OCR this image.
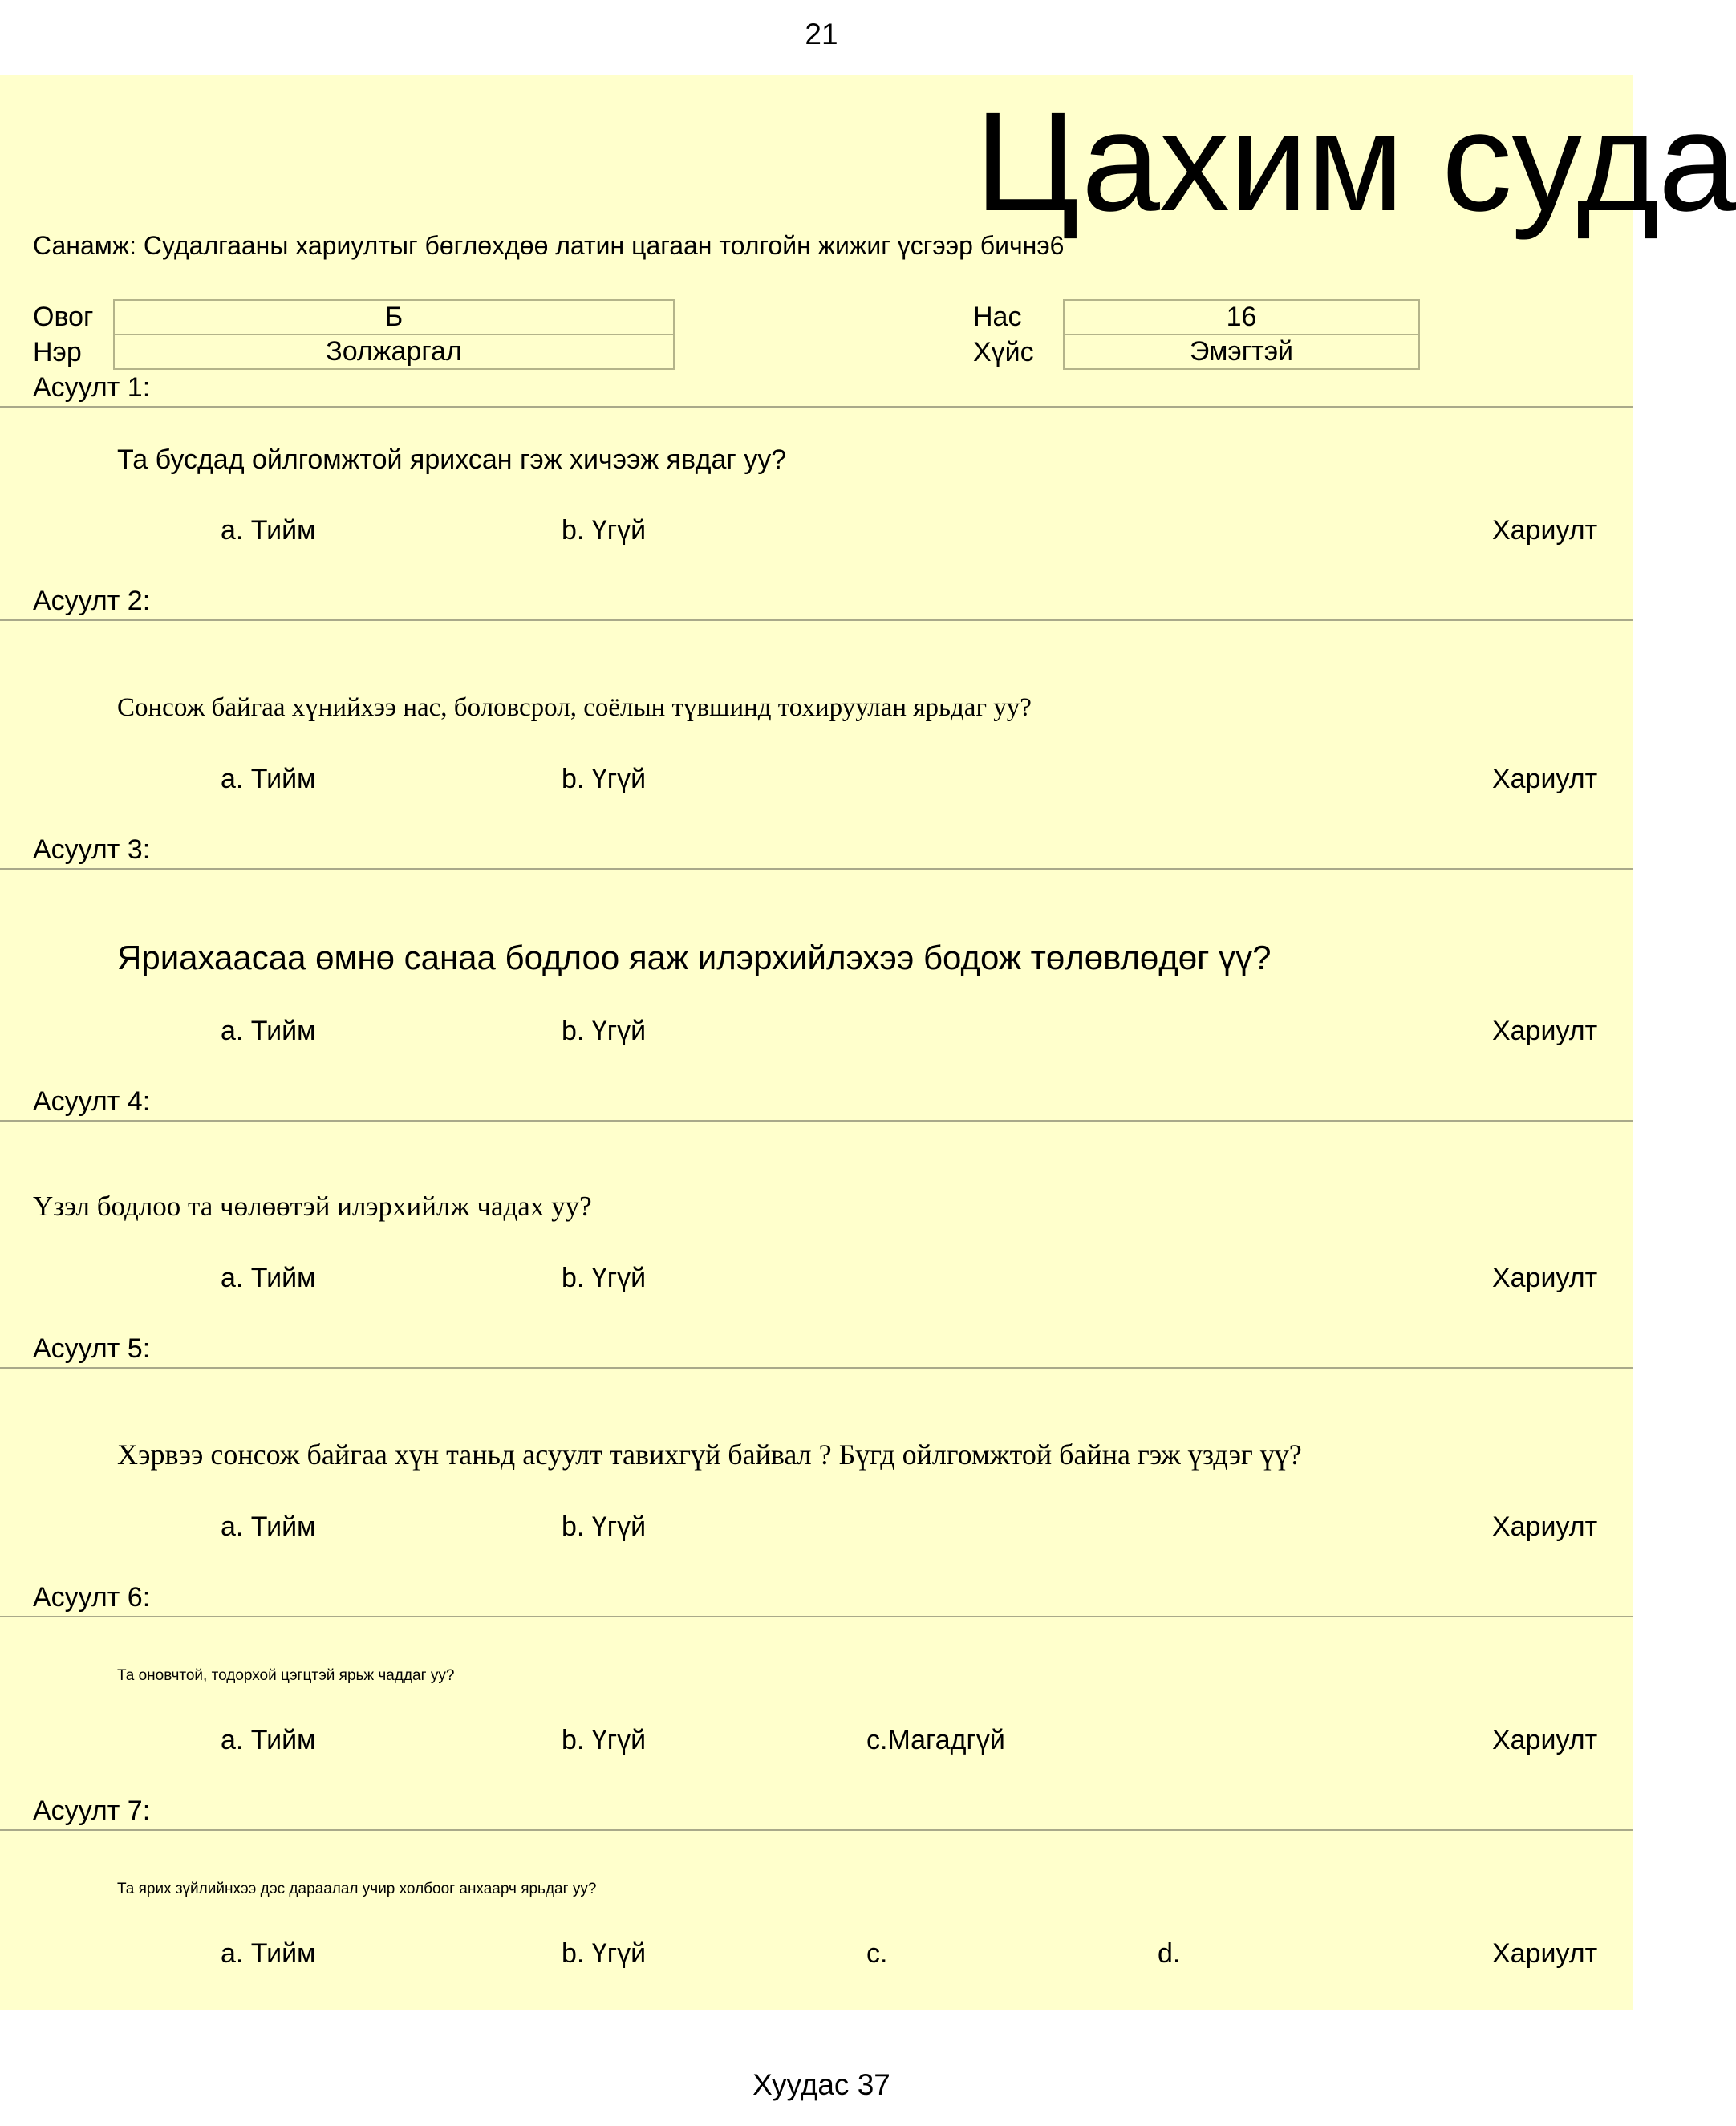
21
Цахим суда
Санамж: Судалгааны хариултыг бөглөхдөө латин цагаан толгойн жижиг үсгээр бичнэ6
Овог	Б
Нэр	Золжаргал
Нас	16
Хүйс	Эмэгтэй
Асуулт 1:
Та бусдад ойлгомжтой ярихсан гэж хичээж явдаг уу?
a. Тийм	b. Үгүй	Хариулт
Асуулт 2:
Сонсож байгаа хүнийхээ нас, боловсрол, соёлын түвшинд тохируулан ярьдаг уу?
a. Тийм	b. Үгүй	Хариулт
Асуулт 3:
Яриахаасаа өмнө санаа бодлоо яаж илэрхийлэхээ бодож төлөвлөдөг үү?
a. Тийм	b. Үгүй	Хариулт
Асуулт 4:
Үзэл бодлоо та чөлөөтэй илэрхийлж чадах уу?
a. Тийм	b. Үгүй	Хариулт
Асуулт 5:
Хэрвээ сонсож байгаа хүн таньд асуулт тавихгүй байвал ? Бүгд ойлгомжтой байна гэж үздэг үү?
a. Тийм	b. Үгүй	Хариулт
Асуулт 6:
Та оновчтой, тодорхой цэгцтэй ярьж чаддаг уу?
a. Тийм	b. Үгүй	c.Магадгүй	Хариулт
Асуулт 7:
Та ярих зүйлийнхээ дэс дараалал учир холбоог анхаарч ярьдаг уу?
a. Тийм	b. Үгүй	c.	d.	Хариулт
Хуудас 37
